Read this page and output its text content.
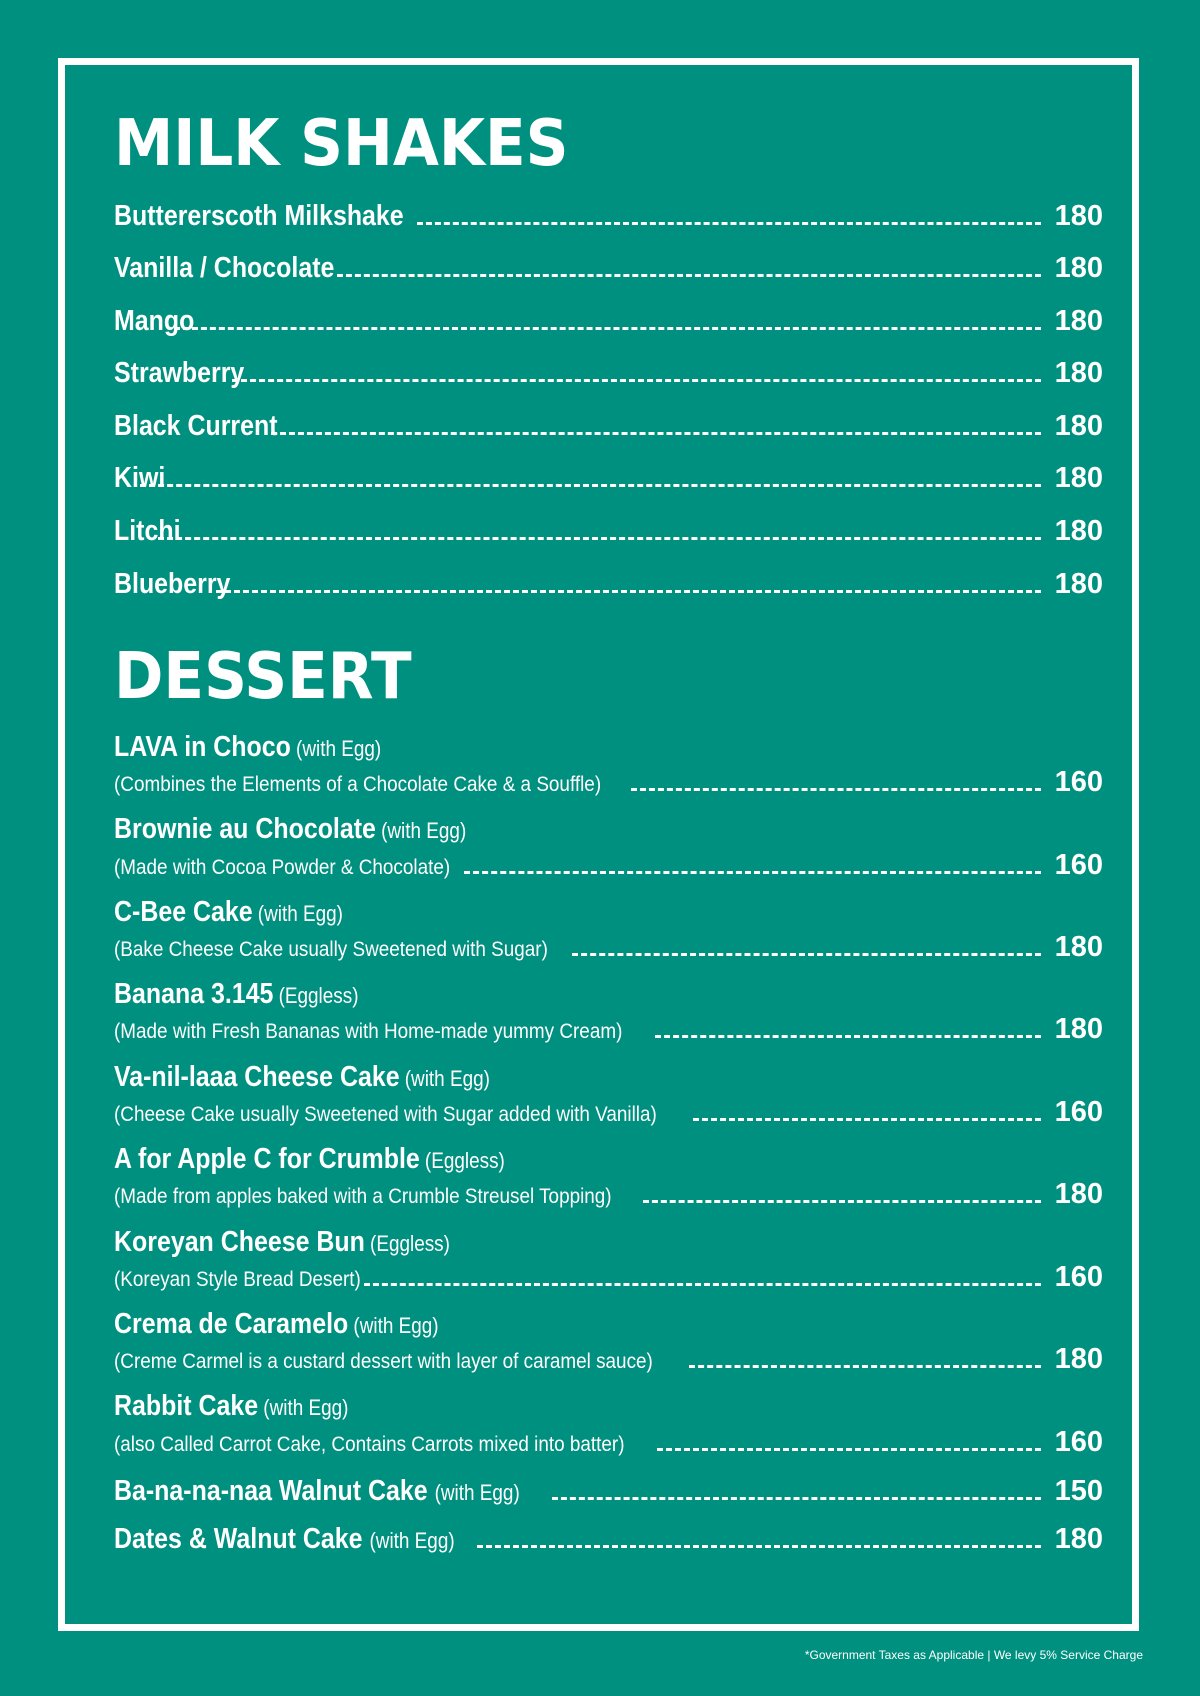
MILK SHAKES
Buttererscoth Milkshake	180
Vanilla / Chocolate	180
Mango	180
Strawberry	180
Black Current	180
Kiwi	180
Litchi	180
Blueberry	180
DESSERT
LAVA in Choco (with Egg)
(Combines the Elements of a Chocolate Cake & a Souffle)	160
Brownie au Chocolate (with Egg)
(Made with Cocoa Powder & Chocolate)	160
C-Bee Cake (with Egg)
(Bake Cheese Cake usually Sweetened with Sugar)	180
Banana 3.145 (Eggless)
(Made with Fresh Bananas with Home-made yummy Cream)	180
Va-nil-laaa Cheese Cake (with Egg)
(Cheese Cake usually Sweetened with Sugar added with Vanilla)	160
A for Apple C for Crumble (Eggless)
(Made from apples baked with a Crumble Streusel Topping)	180
Koreyan Cheese Bun (Eggless)
(Koreyan Style Bread Desert)	160
Crema de Caramelo (with Egg)
(Creme Carmel is a custard dessert with layer of caramel sauce)	180
Rabbit Cake (with Egg)
(also Called Carrot Cake, Contains Carrots mixed into batter)	160
Ba-na-na-naa Walnut Cake (with Egg)	150
Dates & Walnut Cake (with Egg)	180
*Government Taxes as Applicable | We levy 5% Service Charge
